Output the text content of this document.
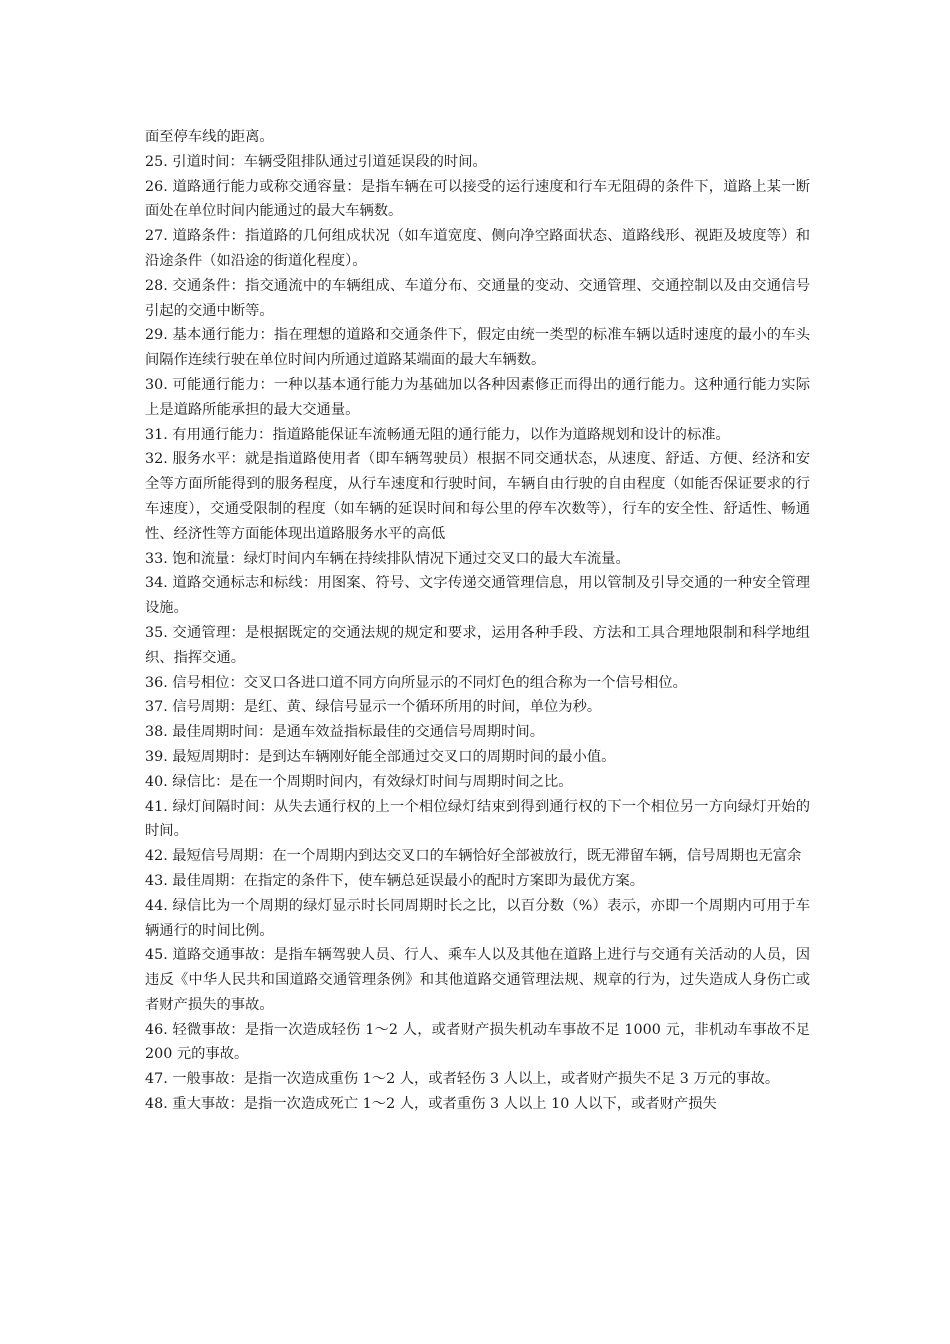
面至停车线的距离。

25. 引道时间：车辆受阻排队通过引道延误段的时间。

26. 道路通行能力或称交通容量：是指车辆在可以接受的运行速度和行车无阻碍的条件下，道路上某一断面处在单位时间内能通过的最大车辆数。

27. 道路条件：指道路的几何组成状况（如车道宽度、侧向净空路面状态、道路线形、视距及坡度等）和沿途条件（如沿途的街道化程度）。

28. 交通条件：指交通流中的车辆组成、车道分布、交通量的变动、交通管理、交通控制以及由交通信号引起的交通中断等。

29. 基本通行能力：指在理想的道路和交通条件下，假定由统一类型的标准车辆以适时速度的最小的车头间隔作连续行驶在单位时间内所通过道路某端面的最大车辆数。

30. 可能通行能力：一种以基本通行能力为基础加以各种因素修正而得出的通行能力。这种通行能力实际上是道路所能承担的最大交通量。

31. 有用通行能力：指道路能保证车流畅通无阻的通行能力，以作为道路规划和设计的标准。

32. 服务水平：就是指道路使用者（即车辆驾驶员）根据不同交通状态，从速度、舒适、方便、经济和安全等方面所能得到的服务程度，从行车速度和行驶时间，车辆自由行驶的自由程度（如能否保证要求的行车速度），交通受限制的程度（如车辆的延误时间和每公里的停车次数等），行车的安全性、舒适性、畅通性、经济性等方面能体现出道路服务水平的高低

33. 饱和流量：绿灯时间内车辆在持续排队情况下通过交叉口的最大车流量。

34. 道路交通标志和标线：用图案、符号、文字传递交通管理信息，用以管制及引导交通的一种安全管理设施。

35. 交通管理：是根据既定的交通法规的规定和要求，运用各种手段、方法和工具合理地限制和科学地组织、指挥交通。

36. 信号相位：交叉口各进口道不同方向所显示的不同灯色的组合称为一个信号相位。

37. 信号周期：是红、黄、绿信号显示一个循环所用的时间，单位为秒。

38. 最佳周期时间：是通车效益指标最佳的交通信号周期时间。

39. 最短周期时：是到达车辆刚好能全部通过交叉口的周期时间的最小值。

40. 绿信比：是在一个周期时间内，有效绿灯时间与周期时间之比。

41. 绿灯间隔时间：从失去通行权的上一个相位绿灯结束到得到通行权的下一个相位另一方向绿灯开始的时间。

42. 最短信号周期：在一个周期内到达交叉口的车辆恰好全部被放行，既无滞留车辆，信号周期也无富余

43. 最佳周期：在指定的条件下，使车辆总延误最小的配时方案即为最优方案。

44. 绿信比为一个周期的绿灯显示时长同周期时长之比，以百分数（%）表示，亦即一个周期内可用于车辆通行的时间比例。

45. 道路交通事故：是指车辆驾驶人员、行人、乘车人以及其他在道路上进行与交通有关活动的人员，因违反《中华人民共和国道路交通管理条例》和其他道路交通管理法规、规章的行为，过失造成人身伤亡或者财产损失的事故。

46. 轻微事故：是指一次造成轻伤 1～2 人，或者财产损失机动车事故不足 1000 元，非机动车事故不足 200 元的事故。

47. 一般事故：是指一次造成重伤 1～2 人，或者轻伤 3 人以上，或者财产损失不足 3 万元的事故。

48. 重大事故：是指一次造成死亡 1～2 人，或者重伤 3 人以上 10 人以下，或者财产损失
